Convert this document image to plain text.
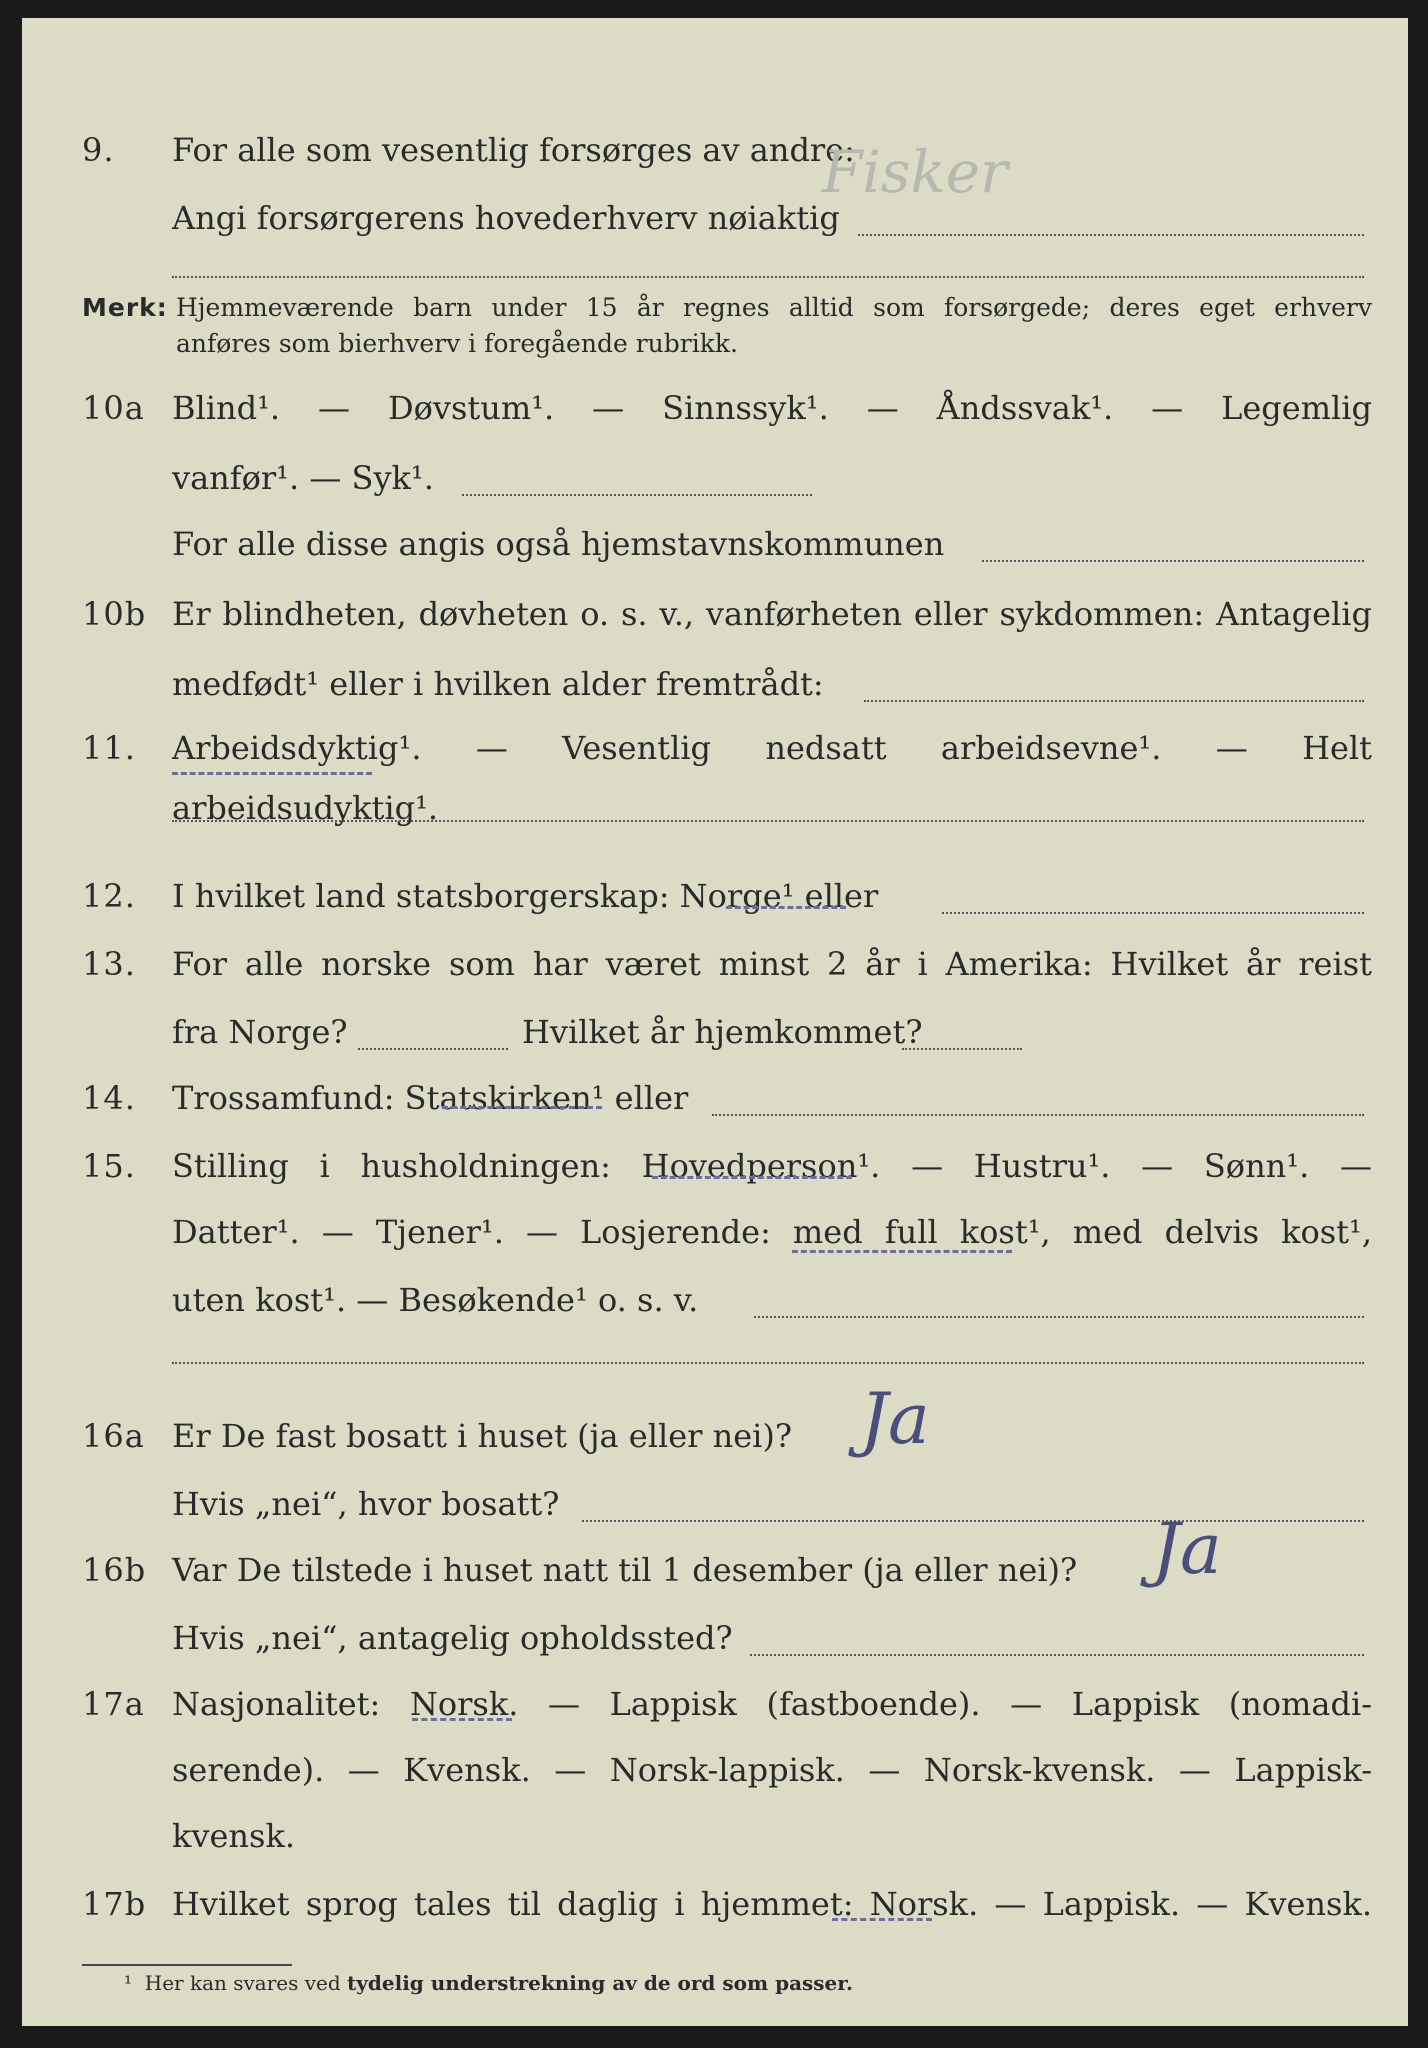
9. For alle som vesentlig forsørges av andre:
Angi forsørgerens hovederhverv nøiaktig
Fisker
Merk: Hjemmeværende barn under 15 år regnes alltid som forsørgede; deres eget erhverv
anføres som bierhverv i foregående rubrikk.
10a Blind¹. — Døvstum¹. — Sinnssyk¹. — Åndssvak¹. — Legemlig
vanfør¹. — Syk¹.
For alle disse angis også hjemstavnskommunen
10b Er blindheten, døvheten o. s. v., vanførheten eller sykdommen: Antagelig
medfødt¹ eller i hvilken alder fremtrådt:
11. Arbeidsdyktig¹. — Vesentlig nedsatt arbeidsevne¹. — Helt arbeidsudyktig¹.
12. I hvilket land statsborgerskap: Norge¹ eller
13. For alle norske som har været minst 2 år i Amerika: Hvilket år reist
fra Norge?	Hvilket år hjemkommet?
14. Trossamfund: Statskirken¹ eller
15. Stilling i husholdningen: Hovedperson¹. — Hustru¹. — Sønn¹. —
Datter¹. — Tjener¹. — Losjerende: med full kost¹, med delvis kost¹,
uten kost¹. — Besøkende¹ o. s. v.
16a Er De fast bosatt i huset (ja eller nei)? Ja
Hvis „nei“, hvor bosatt?
16b Var De tilstede i huset natt til 1 desember (ja eller nei)? Ja
Hvis „nei“, antagelig opholdssted?
17a Nasjonalitet: Norsk. — Lappisk (fastboende). — Lappisk (nomadi-
serende). — Kvensk. — Norsk-lappisk. — Norsk-kvensk. — Lappisk-
kvensk.
17b Hvilket sprog tales til daglig i hjemmet: Norsk. — Lappisk. — Kvensk.
¹ Her kan svares ved tydelig understrekning av de ord som passer.
